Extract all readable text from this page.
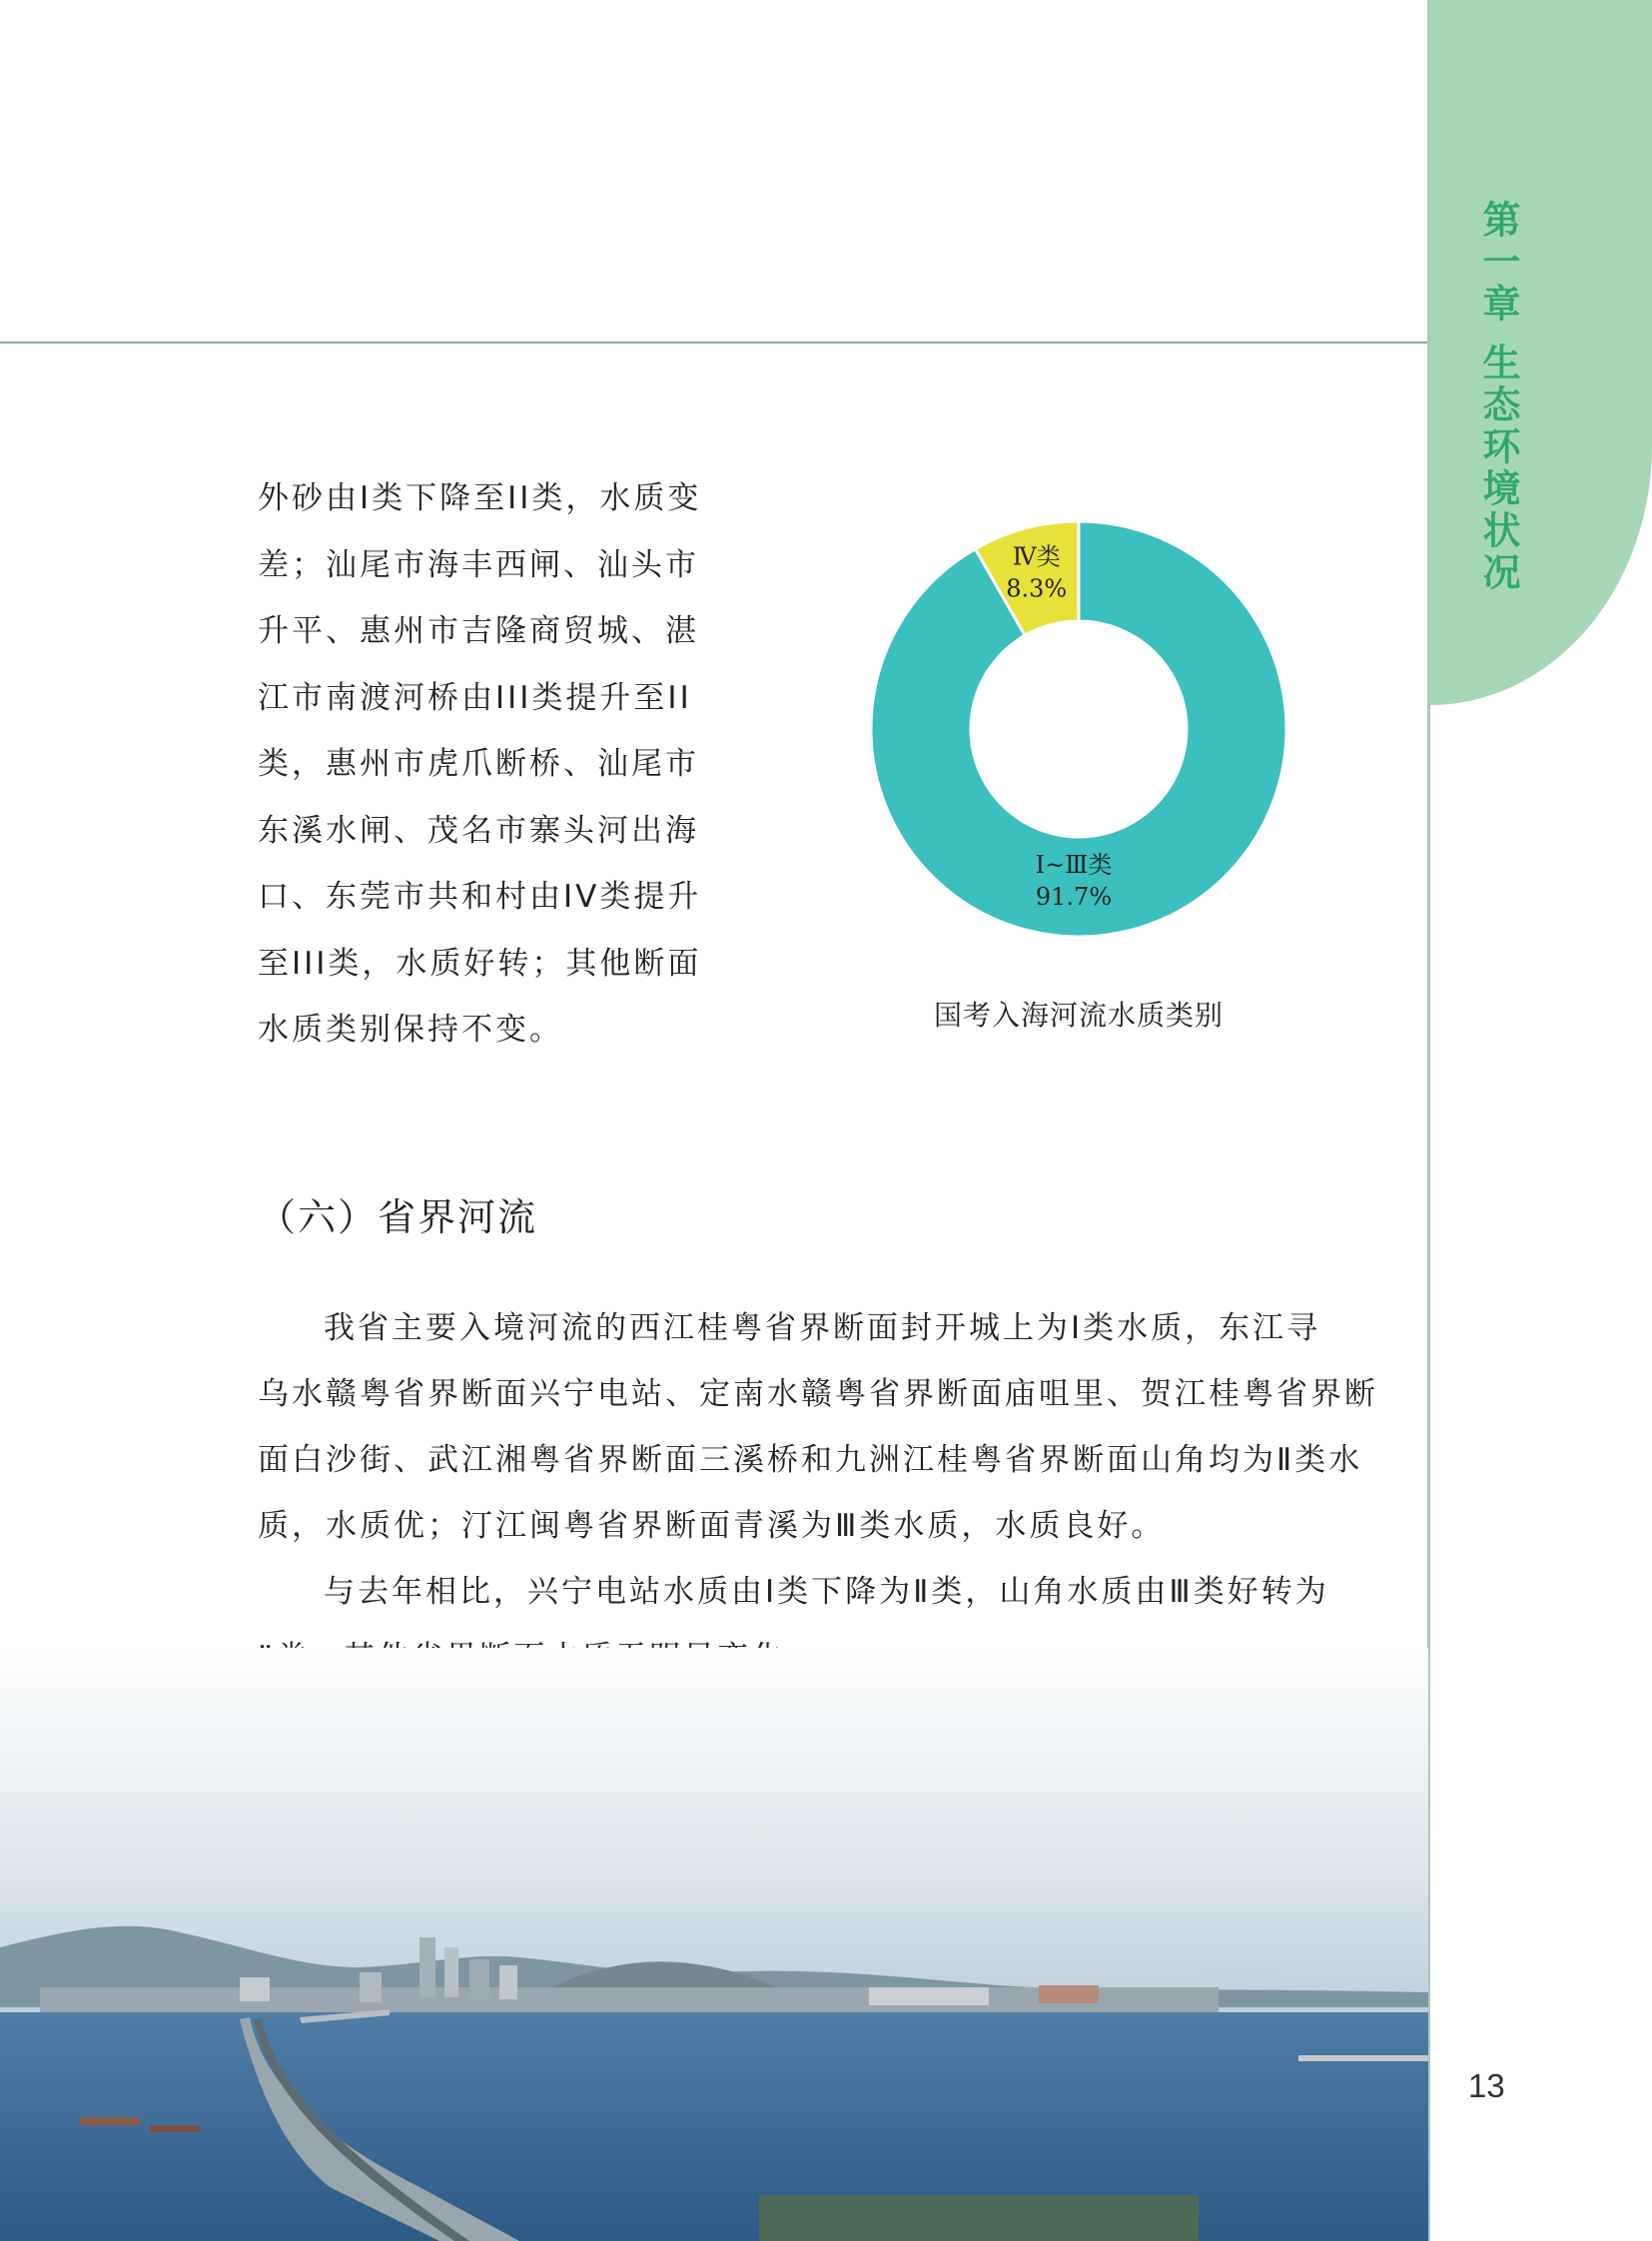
第一章 生态环境状况
外砂由I类下降至II类，水质变
差；汕尾市海丰西闸、汕头市
升平、惠州市吉隆商贸城、湛
江市南渡河桥由III类提升至II
类，惠州市虎爪断桥、汕尾市
东溪水闸、茂名市寨头河出海
口、东莞市共和村由IV类提升
至III类，水质好转；其他断面
水质类别保持不变。
Ⅳ类
8.3%
Ⅰ~Ⅲ类
91.7%
国考入海河流水质类别
（六）省界河流
我省主要入境河流的西江桂粤省界断面封开城上为Ⅰ类水质，东江寻
乌水赣粤省界断面兴宁电站、定南水赣粤省界断面庙咀里、贺江桂粤省界断
面白沙街、武江湘粤省界断面三溪桥和九洲江桂粤省界断面山角均为Ⅱ类水
质，水质优；汀江闽粤省界断面青溪为Ⅲ类水质，水质良好。
与去年相比，兴宁电站水质由Ⅰ类下降为Ⅱ类，山角水质由Ⅲ类好转为
13
